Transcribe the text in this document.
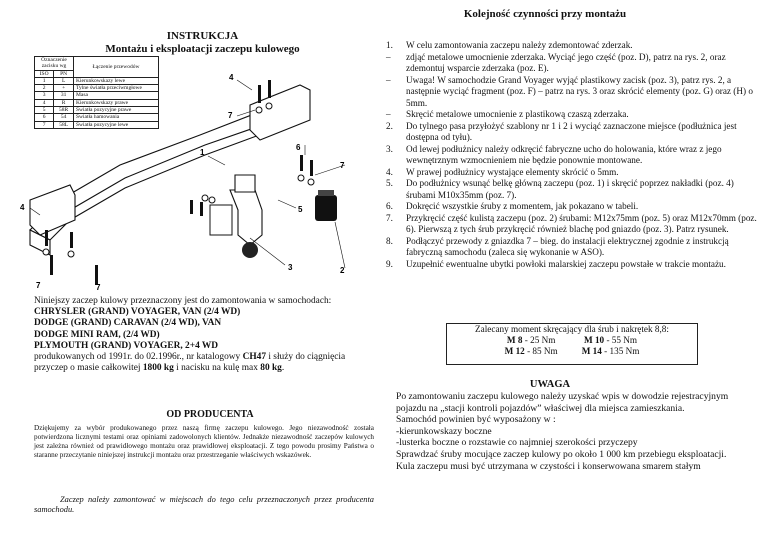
INSTRUKCJA
Montażu i eksploatacji zaczepu kulowego
Oznaczenie zacisku wg		Łączenie przewodów
ISO	PN	
1	L	Kierunkowskazy lewe
2	+	Tylne światła przeciwmgłowe
3	31	Masa
4	R	Kierunkowskazy prawe
5	58R	Światła pozycyjne prawe
6	54	Światła hamowania
7	58L	Światła pozycyjne lewe
4
7
1
6
7
4	5
3	2
7	7
Niniejszy zaczep kulowy przeznaczony jest do zamontowania w samochodach:
CHRYSLER (GRAND) VOYAGER, VAN (2/4 WD)
DODGE (GRAND) CARAVAN (2/4 WD), VAN
DODGE MINI RAM, (2/4 WD)
PLYMOUTH (GRAND) VOYAGER, 2+4 WD
produkowanych od 1991r. do 02.1996r., nr katalogowy CH47 i służy do ciągnięcia przyczep o masie całkowitej 1800 kg i nacisku na kulę max 80 kg.
OD PRODUCENTA
Dziękujemy za wybór produkowanego przez naszą firmę zaczepu kulowego. Jego niezawodność została potwierdzona licznymi testami oraz opiniami zadowolonych klientów. Jednakże niezawodność zaczepów kulowych jest zależna również od prawidłowego montażu oraz prawidłowej eksploatacji. Z tego powodu prosimy Państwa o staranne przeczytanie niniejszej instrukcji montażu oraz przestrzeganie właściwych wskazówek.
Zaczep należy zamontować w miejscach do tego celu przeznaczonych przez producenta samochodu.
Kolejność czynności przy montażu
1. W celu zamontowania zaczepu należy zdemontować zderzak.
– zdjąć metalowe umocnienie zderzaka. Wyciąć jego część (poz. D), patrz na rys. 2, oraz zdemontuj wsparcie zderzaka (poz. E).
– Uwaga! W samochodzie Grand Voyager wyjąć plastikowy zacisk (poz. 3), patrz rys. 2, a następnie wyciąć fragment (poz. F) – patrz na rys. 3 oraz skrócić elementy (poz. G) oraz (H) o 5mm.
– Skręcić metalowe umocnienie z plastikową czaszą zderzaka.
2. Do tylnego pasa przyłożyć szablony nr 1 i 2 i wyciąć zaznaczone miejsce (podłużnica jest dostępna od tyłu).
3. Od lewej podłużnicy należy odkręcić fabryczne ucho do holowania, które wraz z jego wewnętrznym wzmocnieniem nie będzie ponownie montowane.
4. W prawej podłużnicy wystające elementy skrócić o 5mm.
5. Do podłużnicy wsunąć belkę główną zaczepu (poz. 1) i skręcić poprzez nakładki (poz. 4) śrubami M10x35mm (poz. 7).
6. Dokręcić wszystkie śruby z momentem, jak pokazano w tabeli.
7. Przykręcić część kulistą zaczepu (poz. 2) śrubami: M12x75mm (poz. 5) oraz M12x70mm (poz. 6). Pierwszą z tych śrub przykręcić również blachę pod gniazdo (poz. 3). Patrz rysunek.
8. Podłączyć przewody z gniazdka 7 – bieg. do instalacji elektrycznej zgodnie z instrukcją fabryczną samochodu (zaleca się wykonanie w ASO).
9. Uzupełnić ewentualne ubytki powłoki malarskiej zaczepu powstałe w trakcie montażu.
Zalecany moment skręcający dla śrub i nakrętek 8,8:
M 8 - 25 Nm	M 10 - 55 Nm
M 12 - 85 Nm	M 14 - 135 Nm
UWAGA

Po zamontowaniu zaczepu kulowego należy uzyskać wpis w dowodzie rejestracyjnym pojazdu na „stacji kontroli pojazdów” właściwej dla miejsca zamieszkania.

Samochód powinien być wyposażony w :

-kierunkowskazy boczne

-lusterka boczne o rozstawie co najmniej szerokości przyczepy

Sprawdzać śruby mocujące zaczep kulowy po około 1 000 km przebiegu eksploatacji.

Kula zaczepu musi być utrzymana w czystości i konserwowana smarem stałym
